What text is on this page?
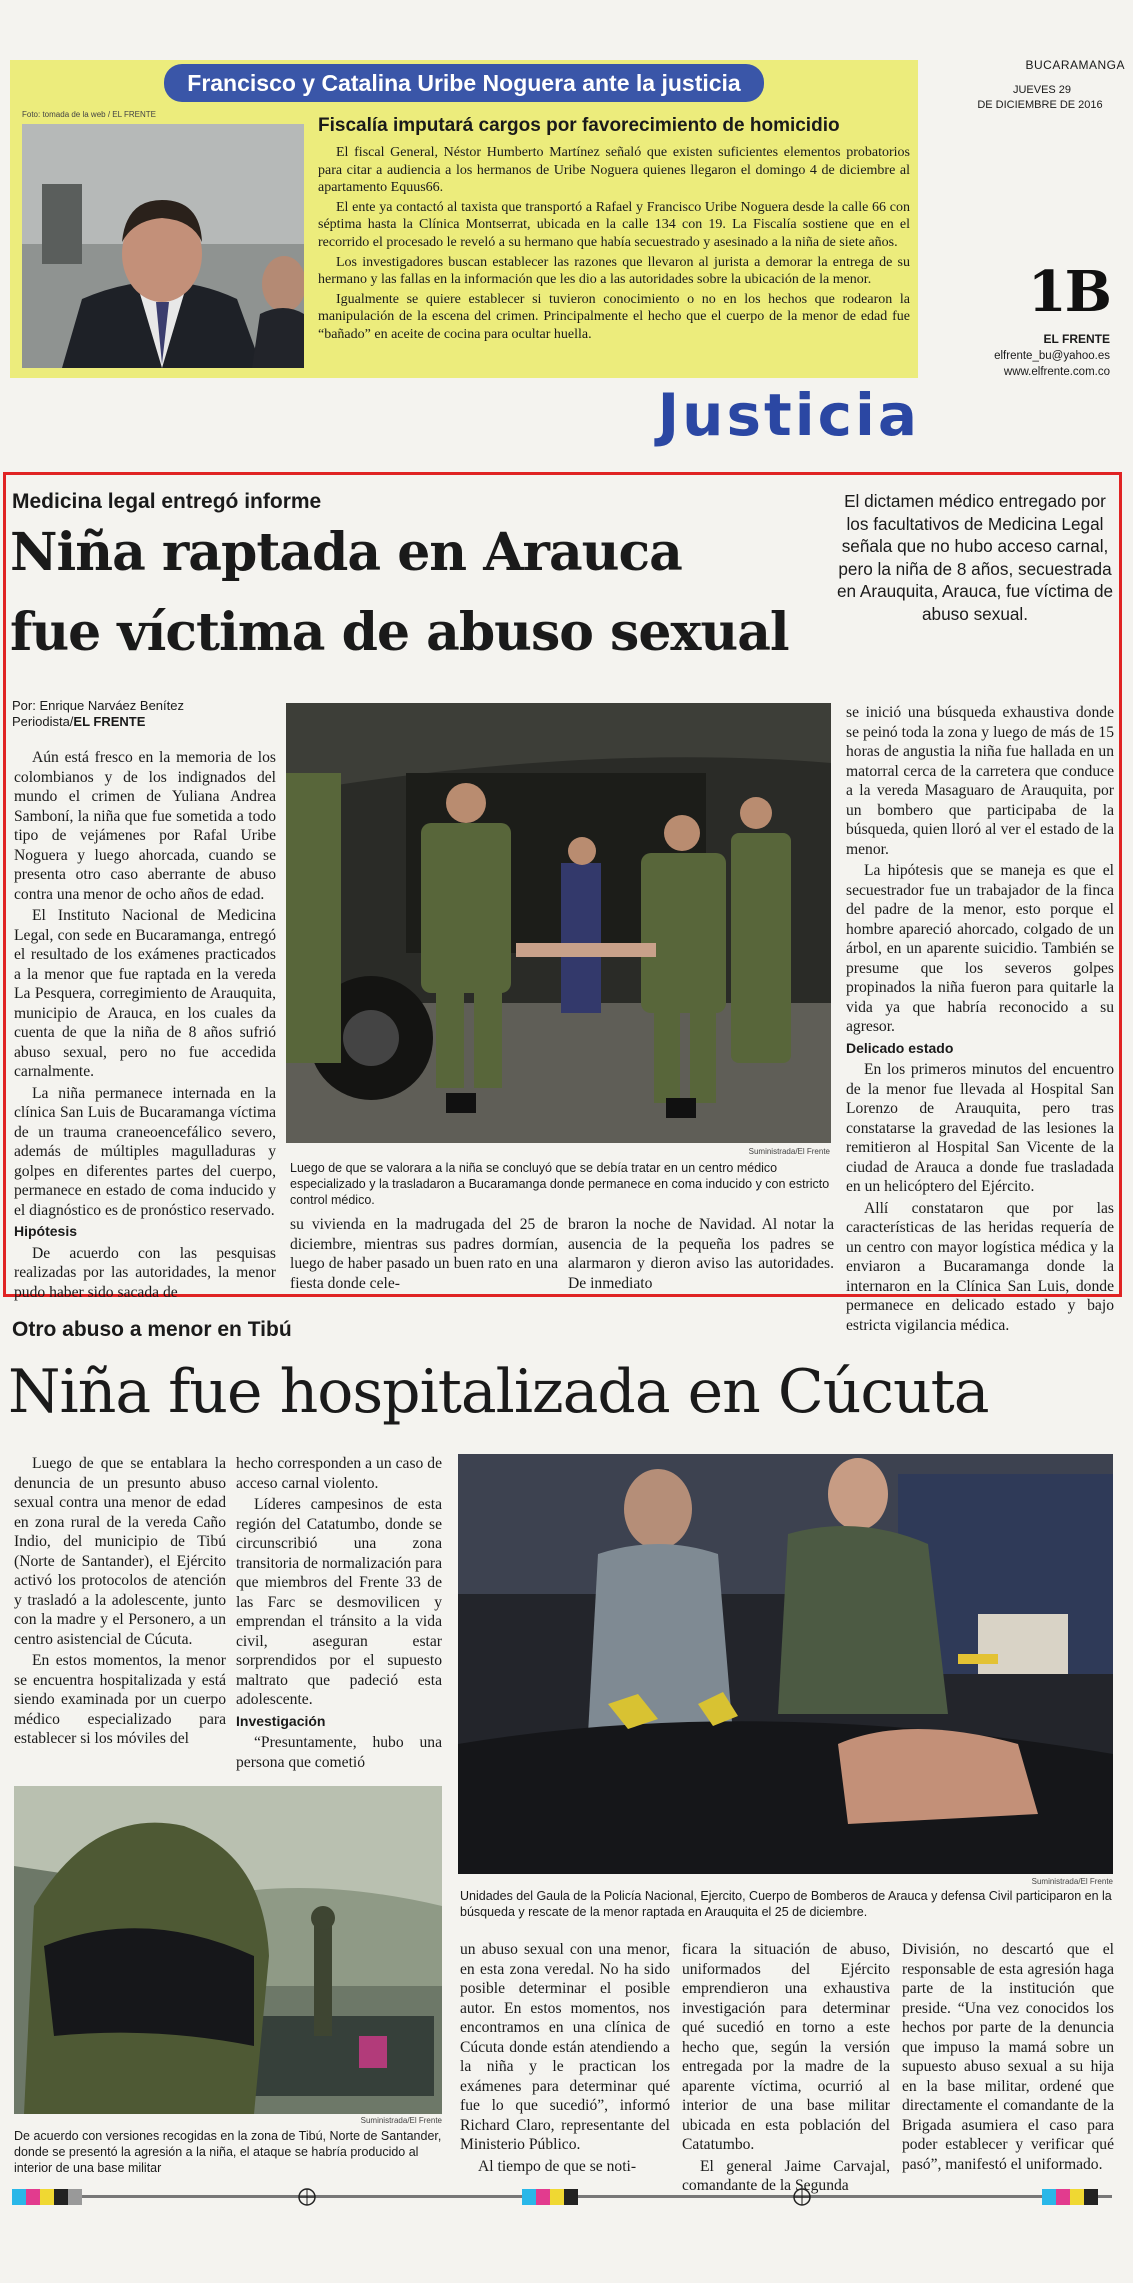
Francisco y Catalina Uribe Noguera ante la justicia
Foto: tomada de la web / EL FRENTE
Fiscalía imputará cargos por favorecimiento de homicidio

El fiscal General, Néstor Humberto Martínez señaló que existen suficientes elementos probatorios para citar a audiencia a los hermanos de Uribe Noguera quienes llegaron el domingo 4 de diciembre al apartamento Equus66.

El ente ya contactó al taxista que transportó a Rafael y Francisco Uribe Noguera desde la calle 66 con séptima hasta la Clínica Montserrat, ubicada en la calle 134 con 19. La Fiscalía sostiene que en el recorrido el procesado le reveló a su hermano que había secuestrado y asesinado a la niña de siete años.

Los investigadores buscan establecer las razones que llevaron al jurista a demorar la entrega de su hermano y las fallas en la información que les dio a las autoridades sobre la ubicación de la menor.

Igualmente se quiere establecer si tuvieron conocimiento o no en los hechos que rodearon la manipulación de la escena del crimen. Principalmente el hecho que el cuerpo de la menor de edad fue “bañado” en aceite de cocina para ocultar huella.

BUCARAMANGA
JUEVES 29
DE DICIEMBRE DE 2016
1B
EL FRENTE
elfrente_bu@yahoo.es
www.elfrente.com.co
Justicia
Medicina legal entregó informe
Niña raptada en Arauca
fue víctima de abuso sexual
El dictamen médico entregado por los facultativos de Medicina Legal señala que no hubo acceso carnal, pero la niña de 8 años, secuestrada en Arauquita, Arauca, fue víctima de abuso sexual.
Por: Enrique Narváez Benítez
Periodista/EL FRENTE

Aún está fresco en la memoria de los colombianos y de los indignados del mundo el crimen de Yuliana Andrea Samboní, la niña que fue sometida a todo tipo de vejámenes por Rafal Uribe Noguera y luego ahorcada, cuando se presenta otro caso aberrante de abuso contra una menor de ocho años de edad.

El Instituto Nacional de Medicina Legal, con sede en Bucaramanga, entregó el resultado de los exámenes practicados a la menor que fue raptada en la vereda La Pesquera, corregimiento de Arauquita, municipio de Arauca, en los cuales da cuenta de que la niña de 8 años sufrió abuso sexual, pero no fue accedida carnalmente.

La niña permanece internada en la clínica San Luis de Bucaramanga víctima de un trauma craneoencefálico severo, además de múltiples magulladuras y golpes en diferentes partes del cuerpo, permanece en estado de coma inducido y el diagnóstico es de pronóstico reservado.

Hipótesis

De acuerdo con las pesquisas realizadas por las autoridades, la menor pudo haber sido sacada de

Suministrada/El Frente
Luego de que se valorara a la niña se concluyó que se debía tratar en un centro médico especializado y la trasladaron a Bucaramanga donde permanece en coma inducido y con estricto control médico.
su vivienda en la madrugada del 25 de diciembre, mientras sus padres dormían, luego de haber pasado un buen rato en una fiesta donde cele-
braron la noche de Navidad. Al notar la ausencia de la pequeña los padres se alarmaron y dieron aviso las autoridades. De inmediato

se inició una búsqueda exhaustiva donde se peinó toda la zona y luego de más de 15 horas de angustia la niña fue hallada en un matorral cerca de la carretera que conduce a la vereda Masaguaro de Arauquita, por un bombero que participaba de la búsqueda, quien lloró al ver el estado de la menor.

La hipótesis que se maneja es que el secuestrador fue un trabajador de la finca del padre de la menor, esto porque el hombre apareció ahorcado, colgado de un árbol, en un aparente suicidio. También se presume que los severos golpes propinados la niña fueron para quitarle la vida ya que habría reconocido a su agresor.

Delicado estado

En los primeros minutos del encuentro de la menor fue llevada al Hospital San Lorenzo de Arauquita, pero tras constatarse la gravedad de las lesiones la remitieron al Hospital San Vicente de la ciudad de Arauca a donde fue trasladada en un helicóptero del Ejército.

Allí constataron que por las características de las heridas requería de un centro con mayor logística médica y la enviaron a Bucaramanga donde la internaron en la Clínica San Luis, donde permanece en delicado estado y bajo estricta vigilancia médica.

Otro abuso a menor en Tibú
Niña fue hospitalizada en Cúcuta

Luego de que se entablara la denuncia de un presunto abuso sexual contra una menor de edad en zona rural de la vereda Caño Indio, del municipio de Tibú (Norte de Santander), el Ejército activó los protocolos de atención y trasladó a la adolescente, junto con la madre y el Personero, a un centro asistencial de Cúcuta.

En estos momentos, la menor se encuentra hospitalizada y está siendo examinada por un cuerpo médico especializado para establecer si los móviles del

hecho corresponden a un caso de acceso carnal violento.

Líderes campesinos de esta región del Catatumbo, donde se circunscribió una zona transitoria de normalización para que miembros del Frente 33 de las Farc se desmovilicen y emprendan el tránsito a la vida civil, aseguran estar sorprendidos por el supuesto maltrato que padeció esta adolescente.

Investigación

“Presuntamente, hubo una persona que cometió

Suministrada/El Frente
Unidades del Gaula de la Policía Nacional, Ejercito, Cuerpo de Bomberos de Arauca y defensa Civil participaron en la búsqueda y rescate de la menor raptada en Arauquita el 25 de diciembre.
Suministrada/El Frente
De acuerdo con versiones recogidas en la zona de Tibú, Norte de Santander, donde se presentó la agresión a la niña, el ataque se habría producido al interior de una base militar

un abuso sexual con una menor, en esta zona veredal. No ha sido posible determinar el posible autor. En estos momentos, nos encontramos en una clínica de Cúcuta donde están atendiendo a la niña y le practican los exámenes para determinar qué fue lo que sucedió”, informó Richard Claro, representante del Ministerio Público.

Al tiempo de que se noti-

ficara la situación de abuso, uniformados del Ejército emprendieron una exhaustiva investigación para determinar qué sucedió en torno a este hecho que, según la versión entregada por la madre de la aparente víctima, ocurrió al interior de una base militar ubicada en esta población del Catatumbo.

El general Jaime Carvajal, comandante de la Segunda

División, no descartó que el responsable de esta agresión haga parte de la institución que preside. “Una vez conocidos los hechos por parte de la denuncia que impuso la mamá sobre un supuesto abuso sexual a su hija en la base militar, ordené que directamente el comandante de la Brigada asumiera el caso para poder establecer y verificar qué pasó”, manifestó el uniformado.
